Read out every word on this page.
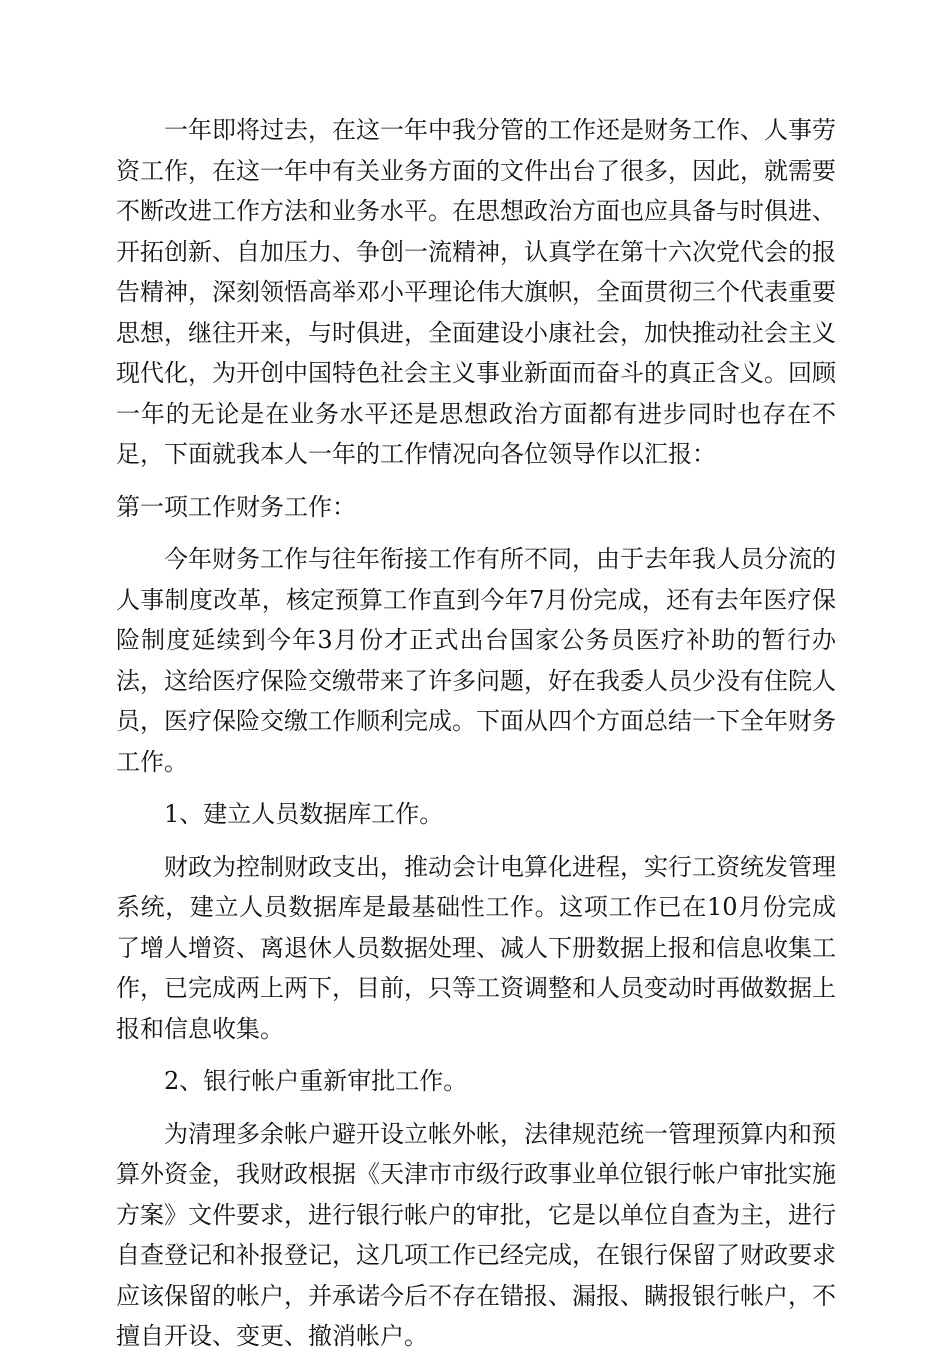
一年即将过去，在这一年中我分管的工作还是财务工作、人事劳资工作，在这一年中有关业务方面的文件出台了很多，因此，就需要不断改进工作方法和业务水平。在思想政治方面也应具备与时俱进、开拓创新、自加压力、争创一流精神，认真学在第十六次党代会的报告精神，深刻领悟高举邓小平理论伟大旗帜，全面贯彻三个代表重要思想，继往开来，与时俱进，全面建设小康社会，加快推动社会主义现代化，为开创中国特色社会主义事业新面而奋斗的真正含义。回顾一年的无论是在业务水平还是思想政治方面都有进步同时也存在不足，下面就我本人一年的工作情况向各位领导作以汇报：

第一项工作财务工作：

今年财务工作与往年衔接工作有所不同，由于去年我人员分流的人事制度改革，核定预算工作直到今年7月份完成，还有去年医疗保险制度延续到今年3月份才正式出台国家公务员医疗补助的暂行办法，这给医疗保险交缴带来了许多问题，好在我委人员少没有住院人员，医疗保险交缴工作顺利完成。下面从四个方面总结一下全年财务工作。

1、建立人员数据库工作。

财政为控制财政支出，推动会计电算化进程，实行工资统发管理系统，建立人员数据库是最基础性工作。这项工作已在10月份完成了增人增资、离退休人员数据处理、减人下册数据上报和信息收集工作，已完成两上两下，目前，只等工资调整和人员变动时再做数据上报和信息收集。

2、银行帐户重新审批工作。

为清理多余帐户避开设立帐外帐，法律规范统一管理预算内和预算外资金，我财政根据《天津市市级行政事业单位银行帐户审批实施方案》文件要求，进行银行帐户的审批，它是以单位自查为主，进行自查登记和补报登记，这几项工作已经完成，在银行保留了财政要求应该保留的帐户，并承诺今后不存在错报、漏报、瞒报银行帐户，不擅自开设、变更、撤消帐户。
